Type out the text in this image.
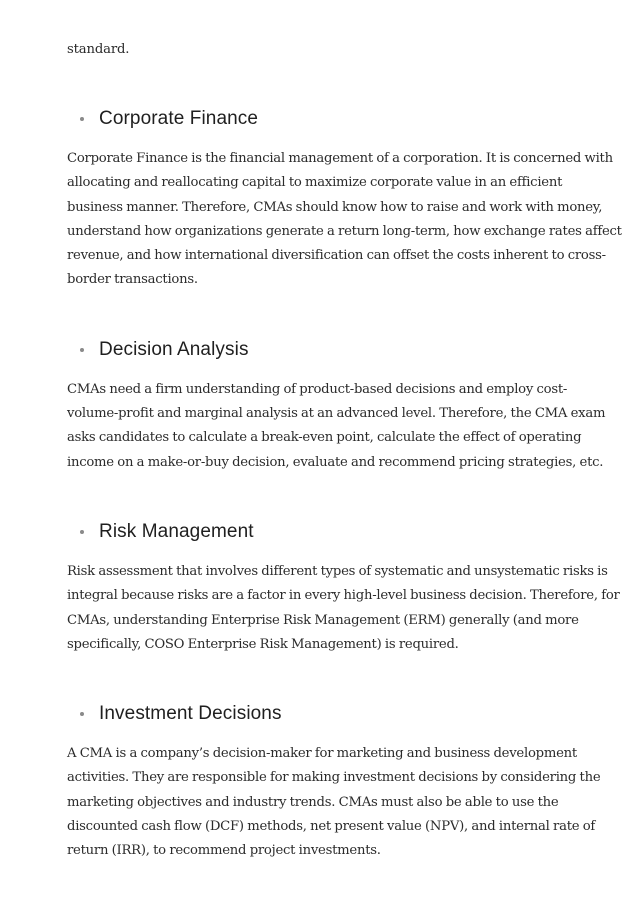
standard.

Corporate Finance

Corporate Finance is the financial management of a corporation. It is concerned with
allocating and reallocating capital to maximize corporate value in an efficient
business manner. Therefore, CMAs should know how to raise and work with money,
understand how organizations generate a return long-term, how exchange rates affect
revenue, and how international diversification can offset the costs inherent to cross-
border transactions.

Decision Analysis

CMAs need a firm understanding of product-based decisions and employ cost-
volume-profit and marginal analysis at an advanced level. Therefore, the CMA exam
asks candidates to calculate a break-even point, calculate the effect of operating
income on a make-or-buy decision, evaluate and recommend pricing strategies, etc.

Risk Management

Risk assessment that involves different types of systematic and unsystematic risks is
integral because risks are a factor in every high-level business decision. Therefore, for
CMAs, understanding Enterprise Risk Management (ERM) generally (and more
specifically, COSO Enterprise Risk Management) is required.

Investment Decisions

A CMA is a company’s decision-maker for marketing and business development
activities. They are responsible for making investment decisions by considering the
marketing objectives and industry trends. CMAs must also be able to use the
discounted cash flow (DCF) methods, net present value (NPV), and internal rate of
return (IRR), to recommend project investments.
